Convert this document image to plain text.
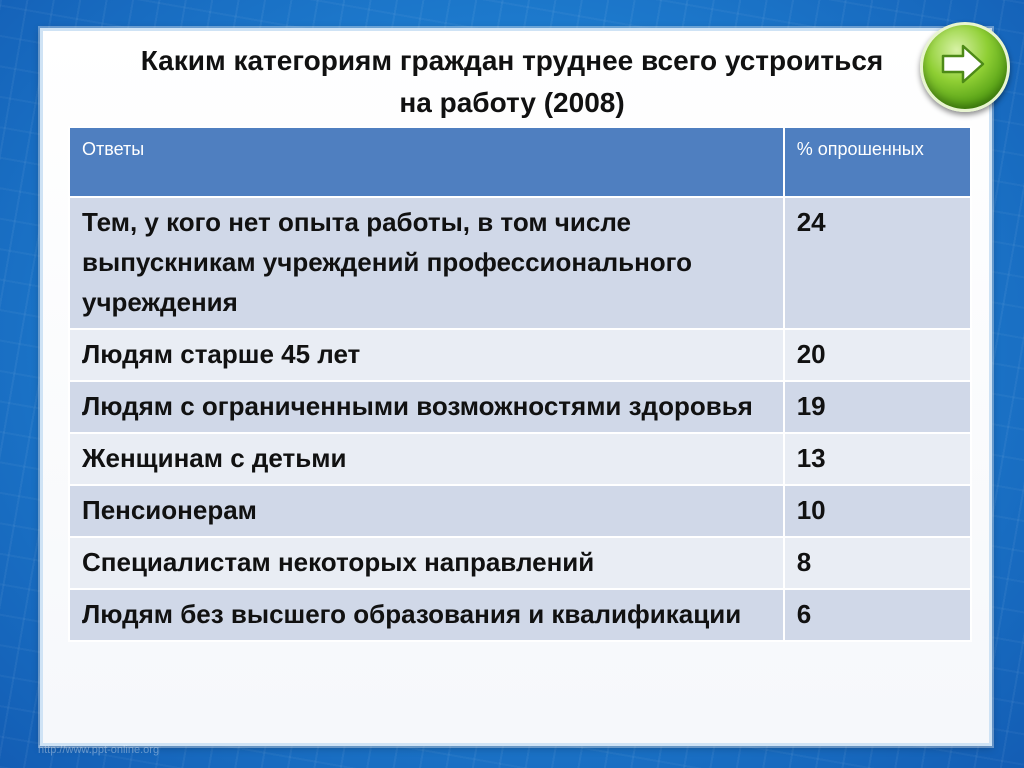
Каким категориям граждан труднее всего устроиться
на работу (2008)
Ответы	% опрошенных
Тем, у кого нет опыта работы, в том числе выпускникам учреждений профессионального учреждения	24
Людям старше 45 лет	20
Людям с ограниченными возможностями здоровья	19
Женщинам с детьми	13
Пенсионерам	10
Специалистам некоторых направлений	8
Людям без высшего образования и квалификации	6
http://www.ppt-online.org
